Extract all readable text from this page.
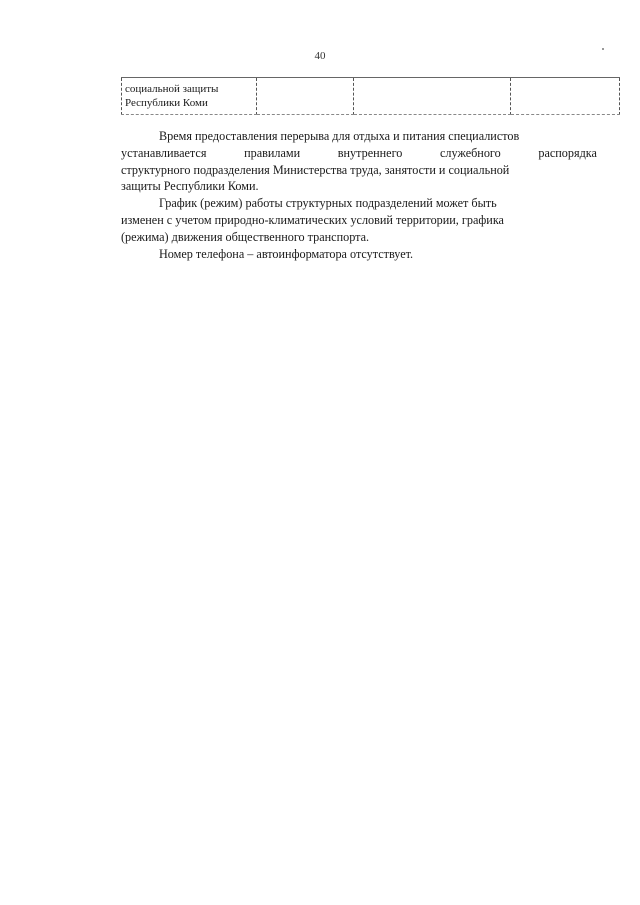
40
социальной защиты
Республики Коми

Время предоставления перерыва для отдыха и питания специалистов
устанавливается	правилами	внутреннего	служебного	распорядка
структурного подразделения Министерства труда, занятости и социальной
защиты Республики Коми.
График (режим) работы структурных подразделений может быть
изменен с учетом природно-климатических условий территории, графика
(режима) движения общественного транспорта.
Номер телефона – автоинформатора отсутствует.
